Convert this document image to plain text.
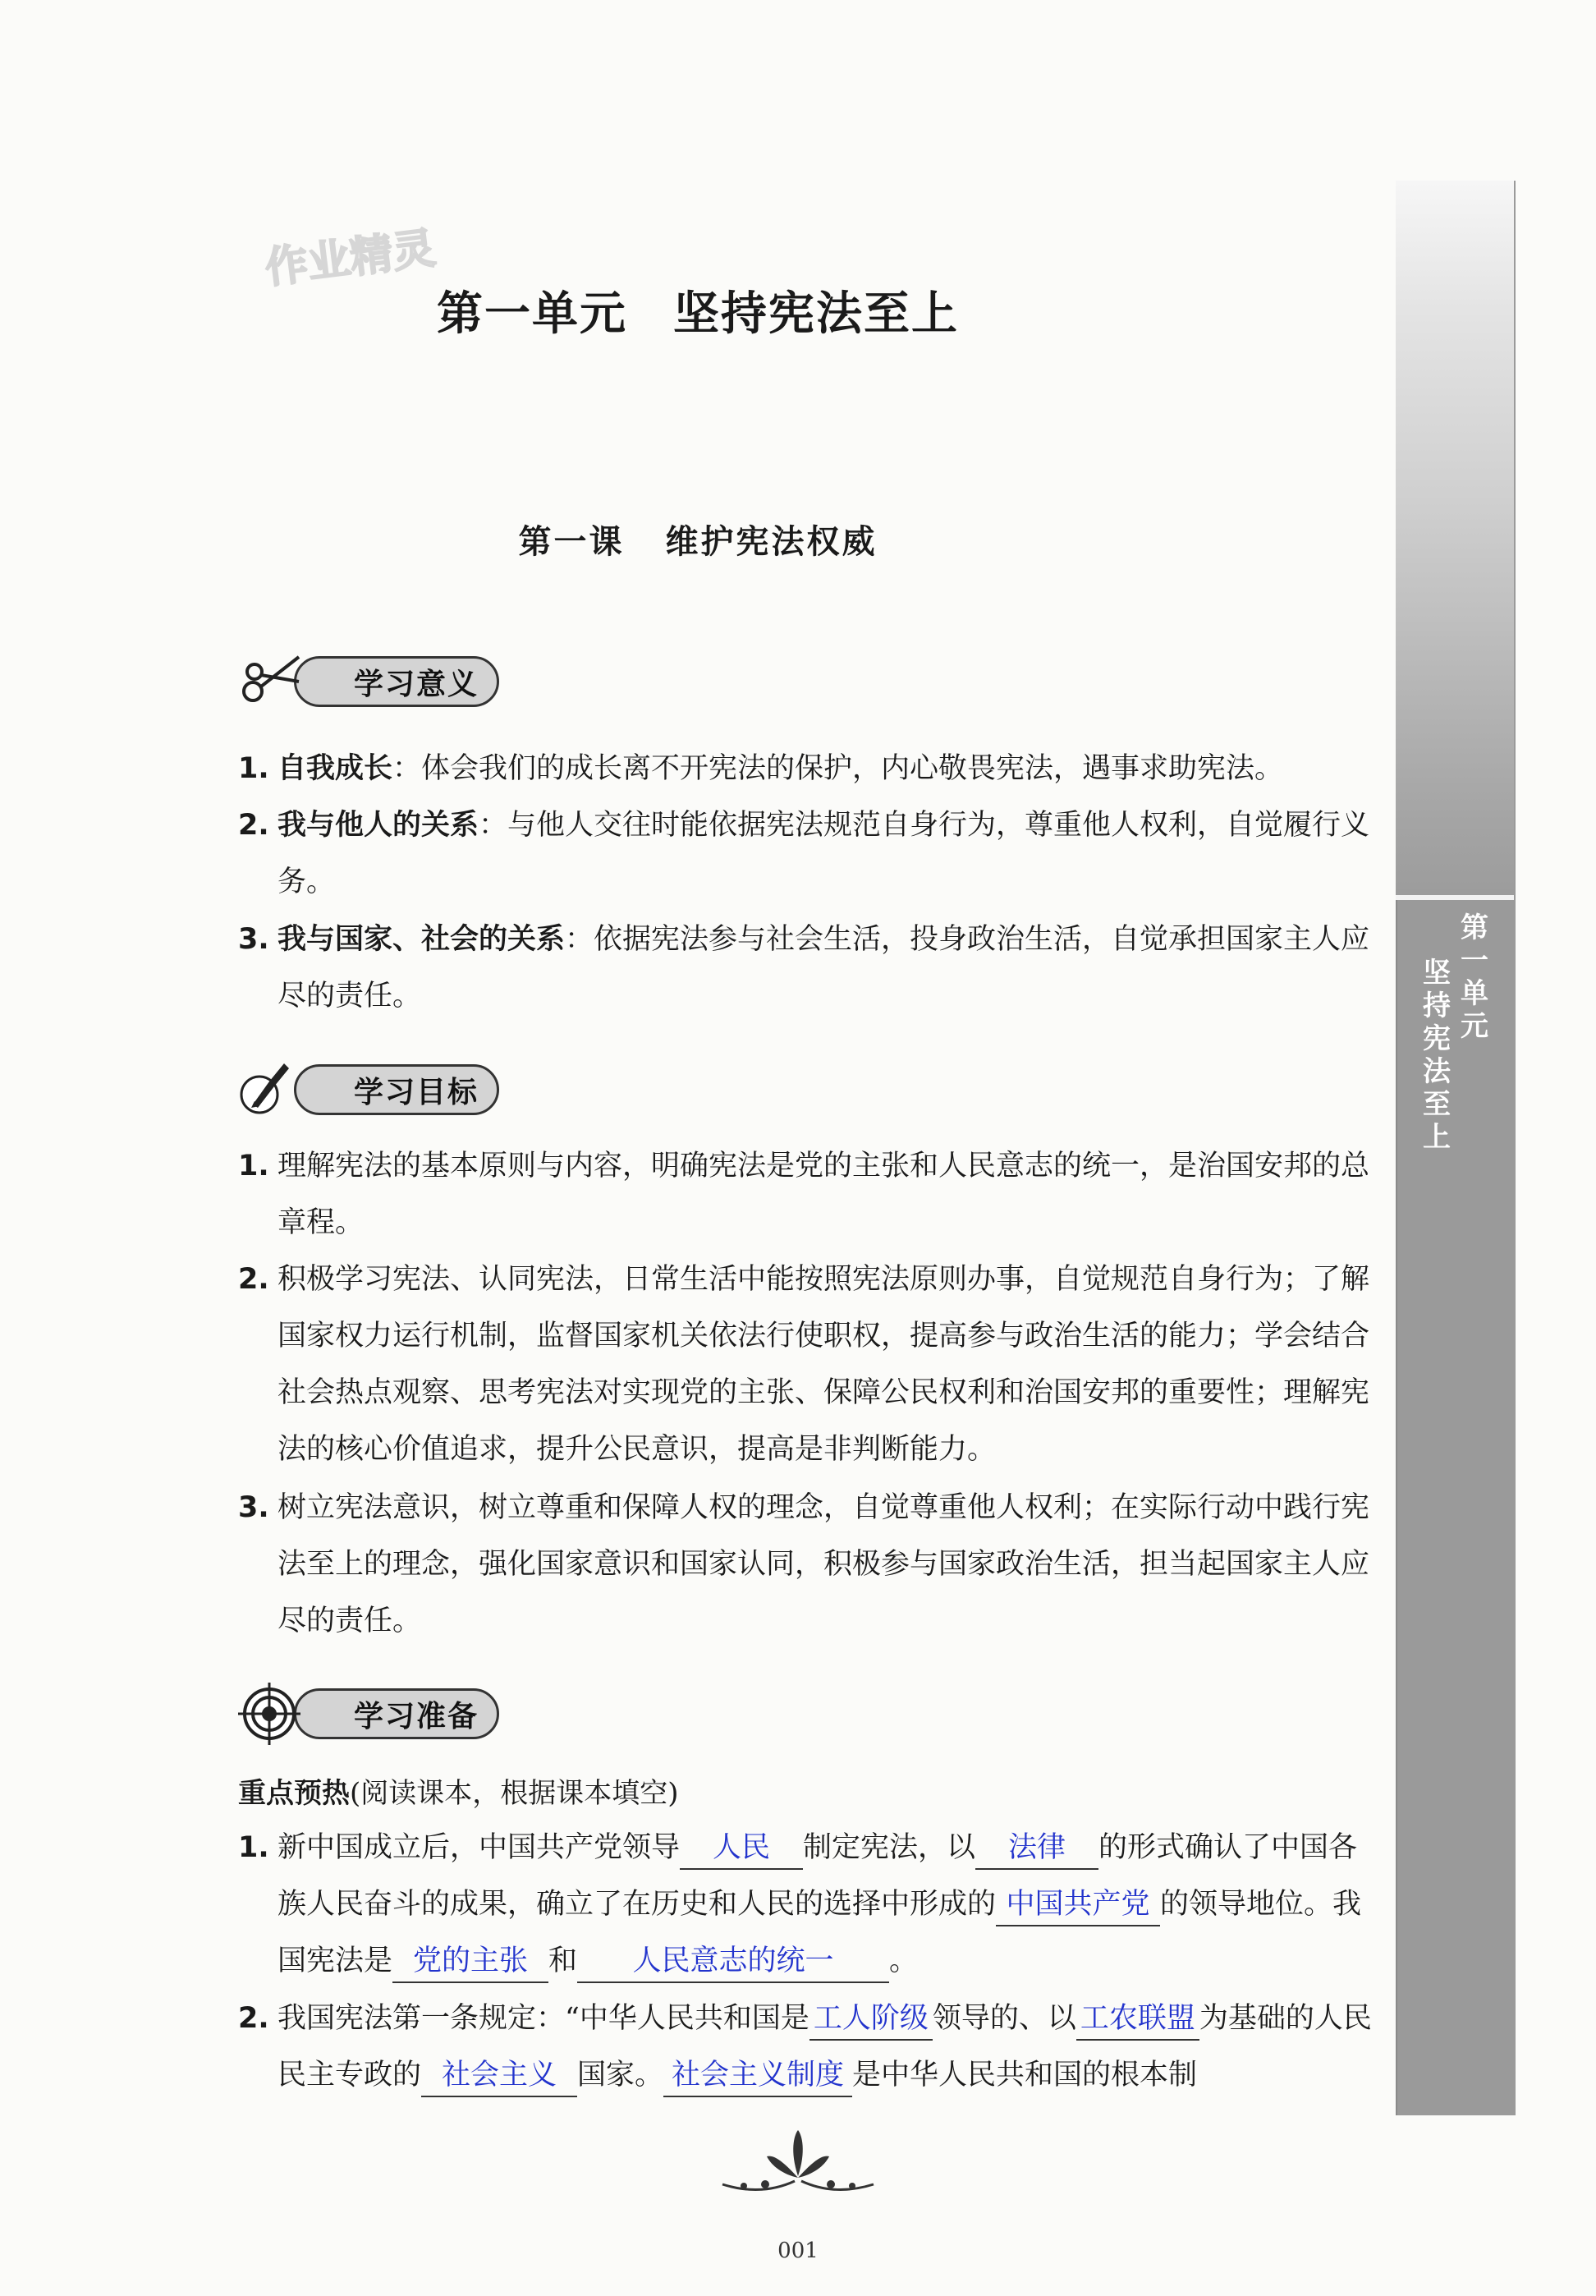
第一单元
坚持宪法至上
作业精灵
第一单元 坚持宪法至上
第一课 维护宪法权威
学习意义
1. 自我成长：体会我们的成长离不开宪法的保护，内心敬畏宪法，遇事求助宪法。
2. 我与他人的关系：与他人交往时能依据宪法规范自身行为，尊重他人权利，自觉履行义务。
3. 我与国家、社会的关系：依据宪法参与社会生活，投身政治生活，自觉承担国家主人应尽的责任。
学习目标
1. 理解宪法的基本原则与内容，明确宪法是党的主张和人民意志的统一，是治国安邦的总章程。
2. 积极学习宪法、认同宪法，日常生活中能按照宪法原则办事，自觉规范自身行为；了解国家权力运行机制，监督国家机关依法行使职权，提高参与政治生活的能力；学会结合社会热点观察、思考宪法对实现党的主张、保障公民权利和治国安邦的重要性；理解宪法的核心价值追求，提升公民意识，提高是非判断能力。
3. 树立宪法意识，树立尊重和保障人权的理念，自觉尊重他人权利；在实际行动中践行宪法至上的理念，强化国家意识和国家认同，积极参与国家政治生活，担当起国家主人应尽的责任。
学习准备
重点预热(阅读课本，根据课本填空)
1. 新中国成立后，中国共产党领导 人民 制定宪法，以 法律 的形式确认了中国各族人民奋斗的成果，确立了在历史和人民的选择中形成的 中国共产党 的领导地位。我国宪法是 党的主张 和 人民意志的统一 。
2. 我国宪法第一条规定：“中华人民共和国是 工人阶级 领导的、以 工农联盟 为基础的人民民主专政的 社会主义 国家。 社会主义制度 是中华人民共和国的根本制
001
